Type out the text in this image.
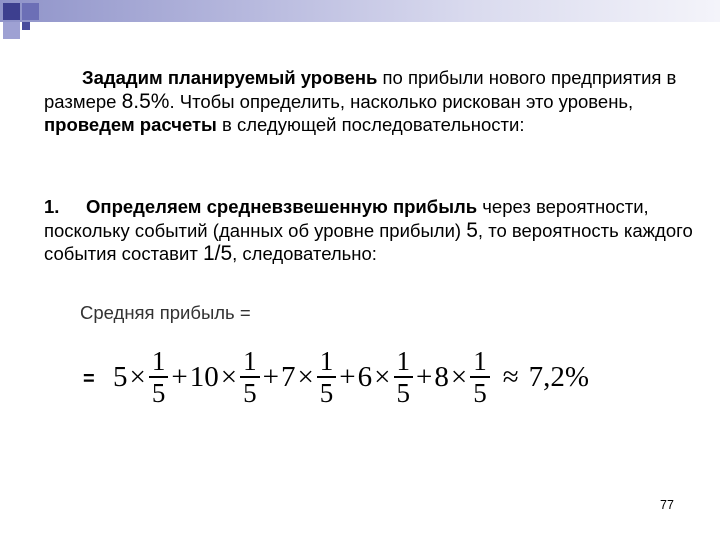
Зададим планируемый уровень по прибыли нового предприятия в размере 8.5%. Чтобы определить, насколько рискован это уровень, проведем расчеты в следующей последовательности:
1. Определяем средневзвешенную прибыль через вероятности, поскольку событий (данных об уровне прибыли) 5, то вероятность каждого события составит 1/5, следовательно:
Средняя прибыль =
= $5 \times \frac{1}{5} + 10 \times \frac{1}{5} + 7 \times \frac{1}{5} + 6 \times \frac{1}{5} + 8 \times \frac{1}{5} \approx 7,2\%$
77
